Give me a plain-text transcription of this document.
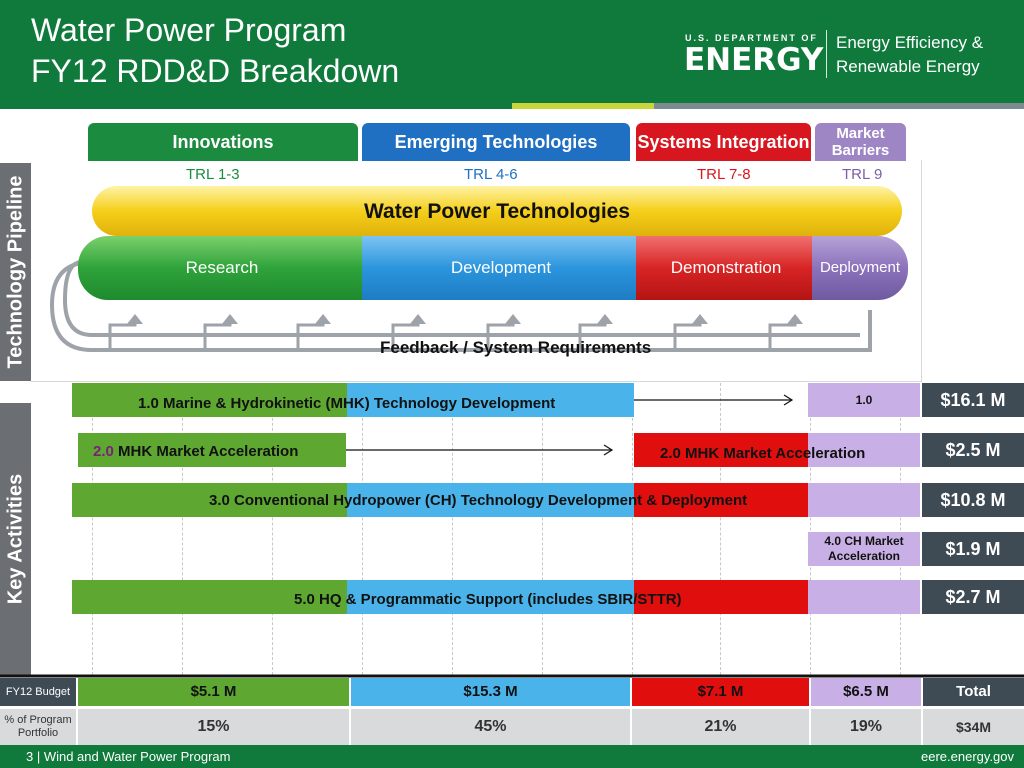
Water Power Program
FY12 RDD&D Breakdown
U.S. DEPARTMENT OF
ENERGY Energy Efficiency &
Renewable Energy
Technology Pipeline
Key Activities
Innovations	Emerging Technologies	Systems Integration	Market
Barriers
TRL 1-3	TRL 4-6	TRL 7-8	TRL 9
Water Power Technologies
Research	Development	Demonstration	Deployment
Feedback / System Requirements
1.0 Marine & Hydrokinetic (MHK) Technology Development	1.0	$16.1 M
2.0 MHK Market Acceleration	2.0 MHK Market Acceleration	$2.5 M
3.0 Conventional Hydropower (CH) Technology Development & Deployment	$10.8 M
4.0 CH Market
Acceleration	$1.9 M
5.0 HQ & Programmatic Support (includes SBIR/STTR)	$2.7 M
FY12 Budget	$5.1 M	$15.3 M	$7.1 M	$6.5 M	Total
% of Program
Portfolio	15%	45%	21%	19%	$34M
3 | Wind and Water Power Program	eere.energy.gov
